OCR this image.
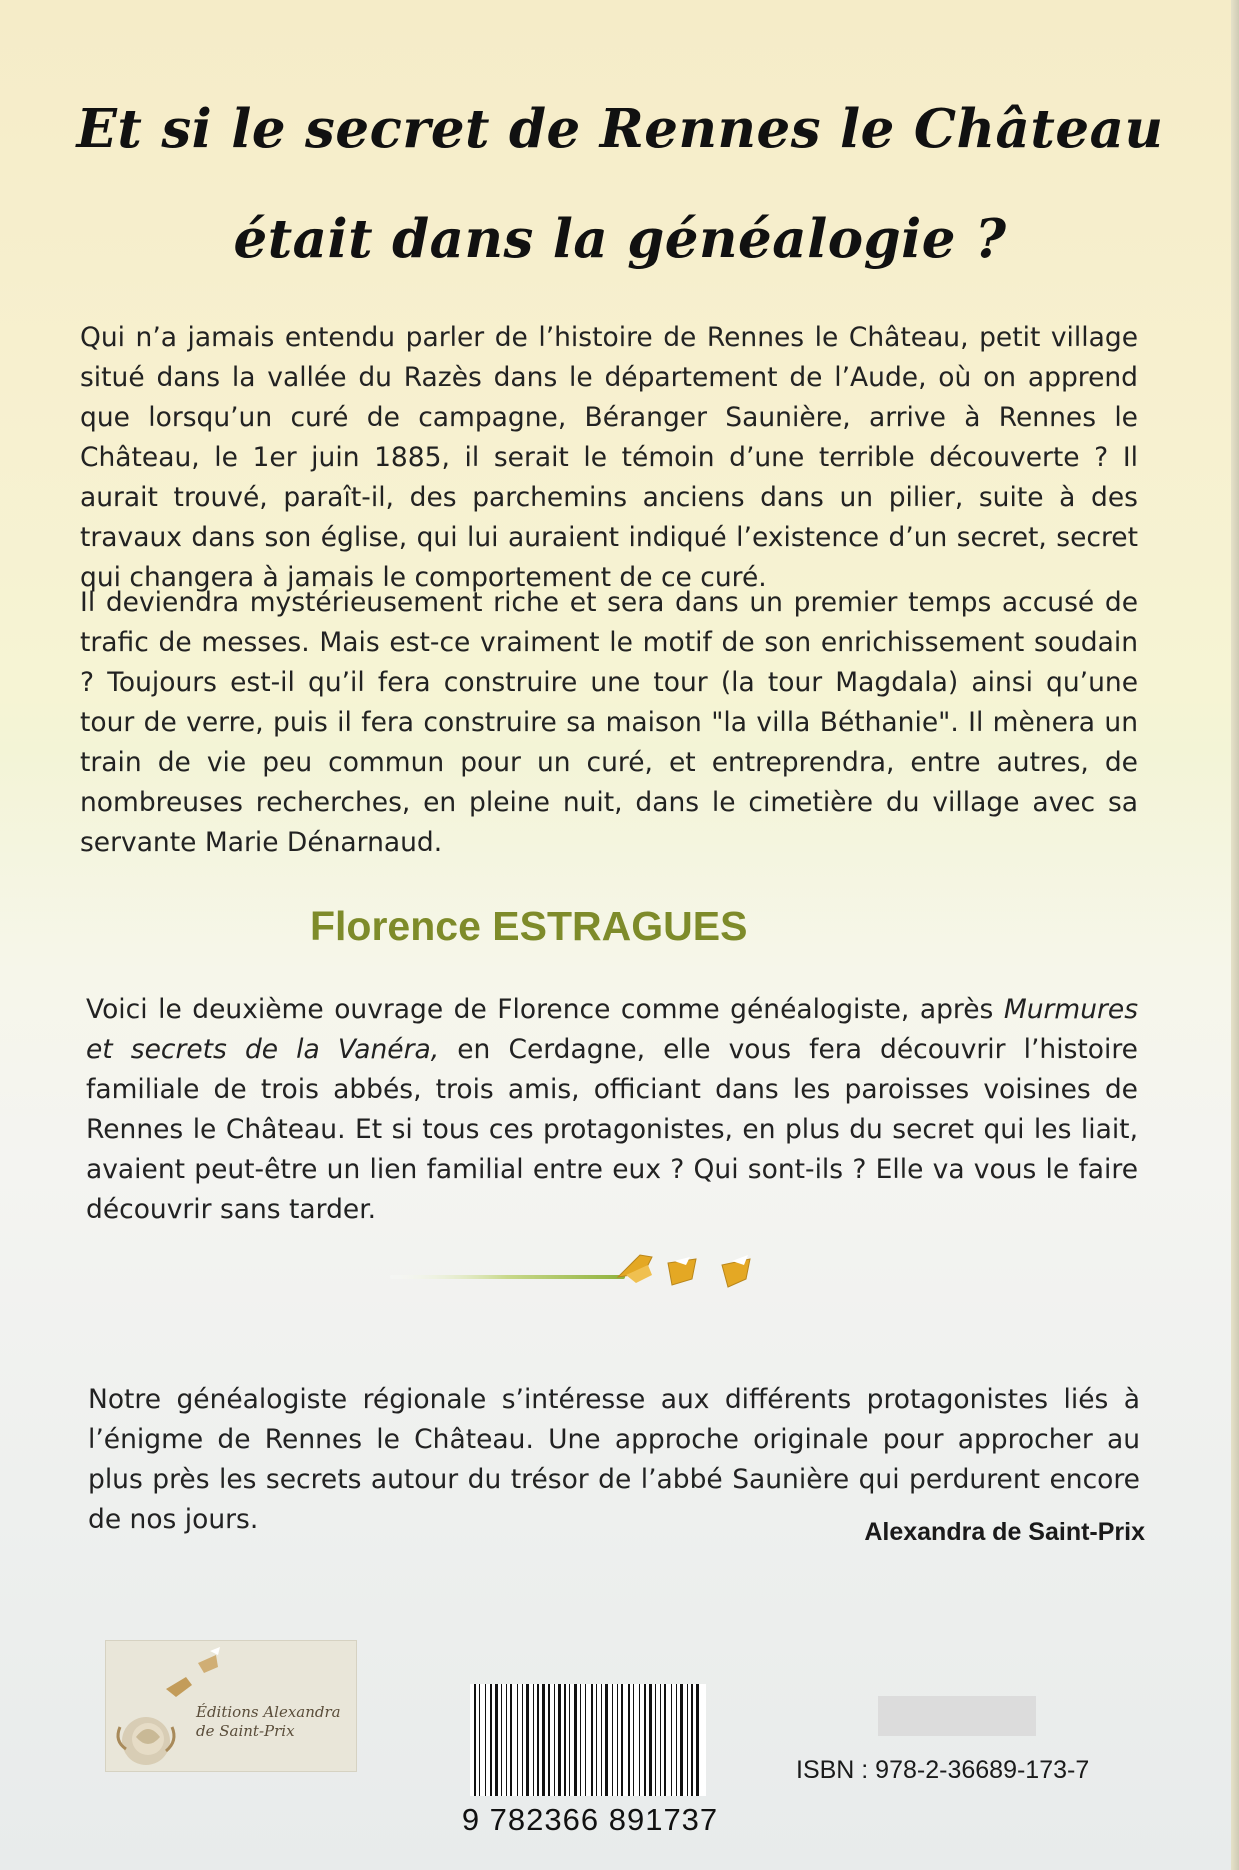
Et si le secret de Rennes le Château
était dans la généalogie ?
Qui n’a jamais entendu parler de l’histoire de Rennes le Château, petit village situé dans la vallée du Razès dans le département de l’Aude, où on apprend que lorsqu’un curé de campagne, Béranger Saunière, arrive à Rennes le Château, le 1er juin 1885, il serait le témoin d’une terrible découverte ? Il aurait trouvé, paraît-il, des parchemins anciens dans un pilier, suite à des travaux dans son église, qui lui auraient indiqué l’existence d’un secret, secret qui changera à jamais le comportement de ce curé.
Il deviendra mystérieusement riche et sera dans un premier temps accusé de trafic de messes. Mais est-ce vraiment le motif de son enrichissement soudain ? Toujours est-il qu’il fera construire une tour (la tour Magdala) ainsi qu’une tour de verre, puis il fera construire sa maison "la villa Béthanie". Il mènera un train de vie peu commun pour un curé, et entreprendra, entre autres, de nombreuses recherches, en pleine nuit, dans le cimetière du village avec sa servante Marie Dénarnaud.
Florence ESTRAGUES
Voici le deuxième ouvrage de Florence comme généalogiste, après Murmures et secrets de la Vanéra, en Cerdagne, elle vous fera découvrir l’histoire familiale de trois abbés, trois amis, officiant dans les paroisses voisines de Rennes le Château. Et si tous ces protagonistes, en plus du secret qui les liait, avaient peut-être un lien familial entre eux ? Qui sont-ils ? Elle va vous le faire découvrir sans tarder.
Notre généalogiste régionale s’intéresse aux différents protagonistes liés à l’énigme de Rennes le Château. Une approche originale pour approcher au plus près les secrets autour du trésor de l’abbé Saunière qui perdurent encore de nos jours.	Alexandra de Saint-Prix
Éditions Alexandra
de Saint-Prix
9 782366 891737
ISBN : 978-2-36689-173-7
